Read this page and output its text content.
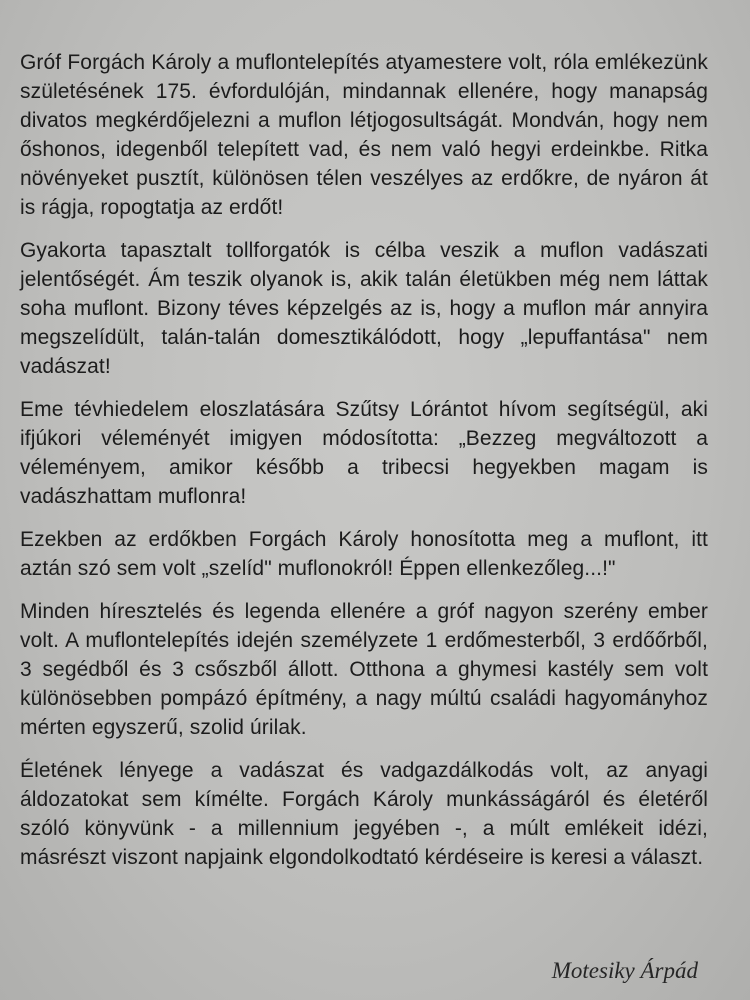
Gróf Forgách Károly a muflontelepítés atyamestere volt, róla emlékezünk születésének 175. évfordulóján, mindannak ellenére, hogy manapság divatos megkérdőjelezni a muflon létjogosultságát. Mondván, hogy nem őshonos, idegenből telepített vad, és nem való hegyi erdeinkbe. Ritka növényeket pusztít, különösen télen veszélyes az erdőkre, de nyáron át is rágja, ropogtatja az erdőt!

Gyakorta tapasztalt tollforgatók is célba veszik a muflon vadászati jelentőségét. Ám teszik olyanok is, akik talán életükben még nem láttak soha muflont. Bizony téves képzelgés az is, hogy a muflon már annyira megszelídült, talán-talán domesztikálódott, hogy „lepuffantása" nem vadászat!

Eme tévhiedelem eloszlatására Szűtsy Lórántot hívom segítségül, aki ifjúkori véleményét imigyen módosította: „Bezzeg megváltozott a véleményem, amikor később a tribecsi hegyekben magam is vadászhattam muflonra!

Ezekben az erdőkben Forgách Károly honosította meg a muflont, itt aztán szó sem volt „szelíd" muflonokról! Éppen ellenkezőleg...!"

Minden híresztelés és legenda ellenére a gróf nagyon szerény ember volt. A muflontelepítés idején személyzete 1 erdőmesterből, 3 erdőőrből, 3 segédből és 3 csőszből állott. Otthona a ghymesi kastély sem volt különösebben pompázó építmény, a nagy múltú családi hagyományhoz mérten egyszerű, szolid úrilak.

Életének lényege a vadászat és vadgazdálkodás volt, az anyagi áldozatokat sem kímélte. Forgách Károly munkásságáról és életéről szóló könyvünk - a millennium jegyében -, a múlt emlékeit idézi, másrészt viszont napjaink elgondolkodtató kérdéseire is keresi a választ.

Motesiky Árpád
